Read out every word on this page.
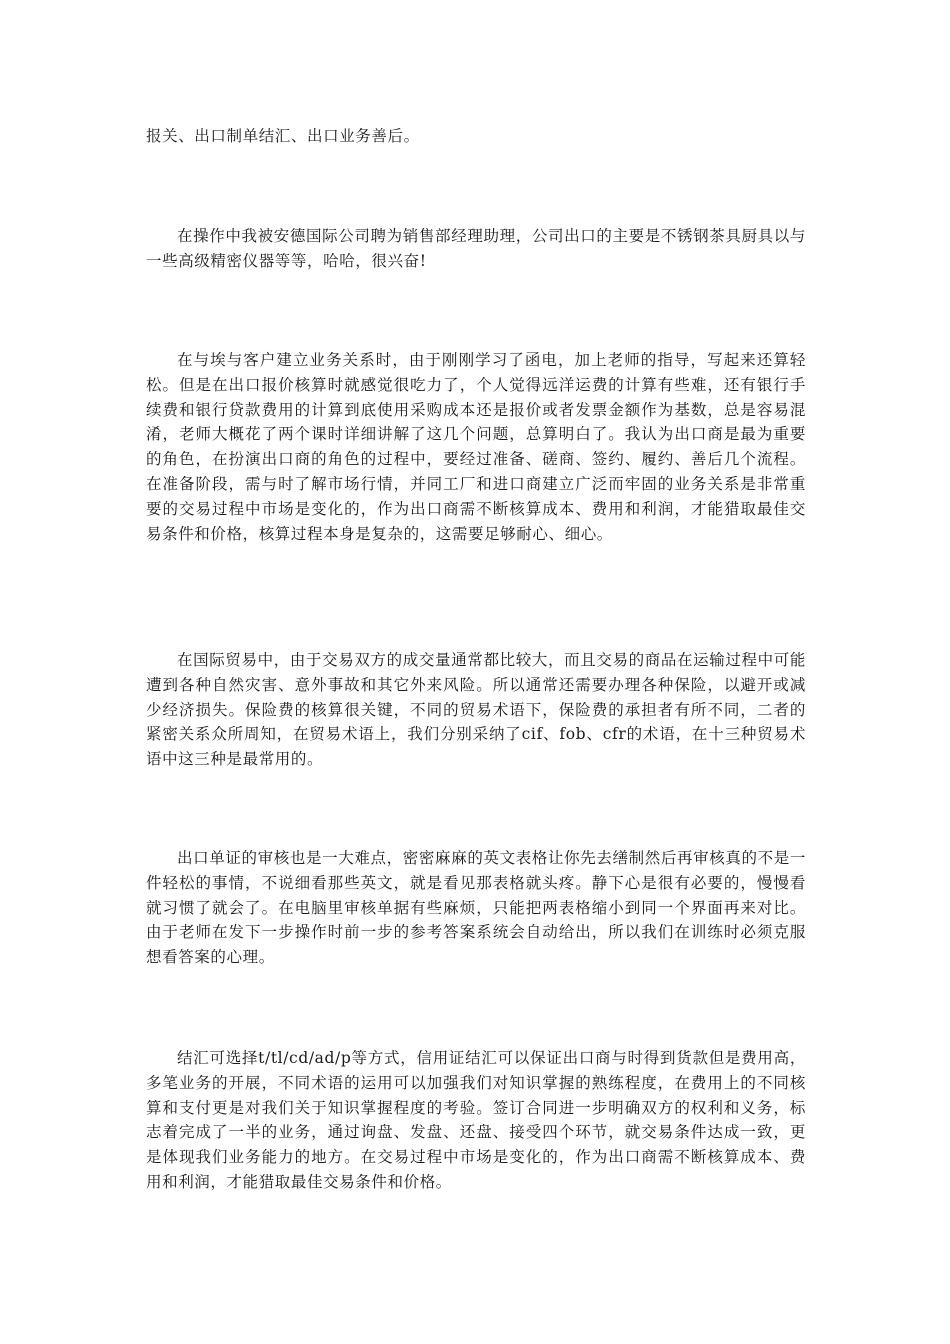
报关、出口制单结汇、出口业务善后。

在操作中我被安德国际公司聘为销售部经理助理，公司出口的主要是不锈钢茶具厨具以与一些高级精密仪器等等，哈哈，很兴奋!

在与埃与客户建立业务关系时，由于刚刚学习了函电，加上老师的指导，写起来还算轻松。但是在出口报价核算时就感觉很吃力了，个人觉得远洋运费的计算有些难，还有银行手续费和银行贷款费用的计算到底使用采购成本还是报价或者发票金额作为基数，总是容易混淆，老师大概花了两个课时详细讲解了这几个问题，总算明白了。我认为出口商是最为重要的角色，在扮演出口商的角色的过程中，要经过准备、磋商、签约、履约、善后几个流程。在准备阶段，需与时了解市场行情，并同工厂和进口商建立广泛而牢固的业务关系是非常重要的交易过程中市场是变化的，作为出口商需不断核算成本、费用和利润，才能猎取最佳交易条件和价格，核算过程本身是复杂的，这需要足够耐心、细心。

在国际贸易中，由于交易双方的成交量通常都比较大，而且交易的商品在运输过程中可能遭到各种自然灾害、意外事故和其它外来风险。所以通常还需要办理各种保险，以避开或减少经济损失。保险费的核算很关键，不同的贸易术语下，保险费的承担者有所不同，二者的紧密关系众所周知，在贸易术语上，我们分别采纳了cif、fob、cfr的术语，在十三种贸易术语中这三种是最常用的。

出口单证的审核也是一大难点，密密麻麻的英文表格让你先去缮制然后再审核真的不是一件轻松的事情，不说细看那些英文，就是看见那表格就头疼。静下心是很有必要的，慢慢看就习惯了就会了。在电脑里审核单据有些麻烦，只能把两表格缩小到同一个界面再来对比。由于老师在发下一步操作时前一步的参考答案系统会自动给出，所以我们在训练时必须克服想看答案的心理。

结汇可选择t/tl/cd/ad/p等方式，信用证结汇可以保证出口商与时得到货款但是费用高，多笔业务的开展，不同术语的运用可以加强我们对知识掌握的熟练程度，在费用上的不同核算和支付更是对我们关于知识掌握程度的考验。签订合同进一步明确双方的权利和义务，标志着完成了一半的业务，通过询盘、发盘、还盘、接受四个环节，就交易条件达成一致，更是体现我们业务能力的地方。在交易过程中市场是变化的，作为出口商需不断核算成本、费用和利润，才能猎取最佳交易条件和价格。
